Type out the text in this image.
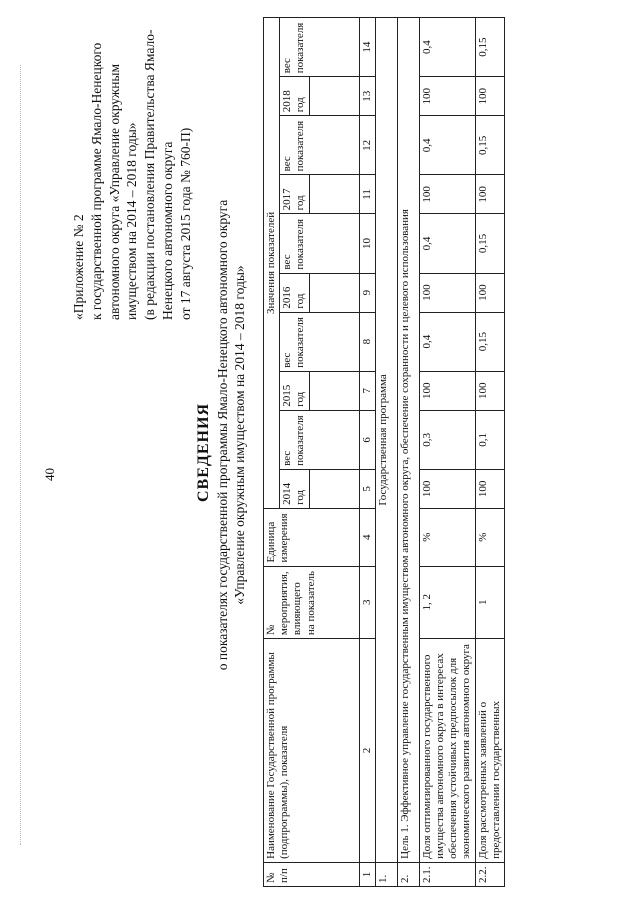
40
«Приложение № 2 к государственной программе Ямало-Ненецкого автономного округа «Управление окружным имуществом на 2014 – 2018 годы» (в редакции постановления Правительства Ямало- Ненецкого автономного округа от 17 августа 2015 года № 760-П)
СВЕДЕНИЯ о показателях государственной программы Ямало-Ненецкого автономного округа «Управление окружным имуществом на 2014 – 2018 годы»
№ п/п	Наименование Государственной программы (подпрограммы), показателя	№ мероприятия, влияющего на показатель	Единица измерения	Значения показателей									
				2014 год	вес показателя	2015 год	вес показателя	2016 год	вес показателя	2017 год	вес показателя	2018 год	вес показателя

1	2	3	4	5	6	7	8	9	10	11	12	13	14
1.	Государственная программа												
2.	Цель 1. Эффективное управление государственным имуществом автономного округа, обеспечение сохранности и целевого использования												
2.1.	Доля оптимизированного государственного имущества автономного округа в интересах обеспечения устойчивых предпосылок для экономического развития автономного округа	1, 2	%	100	0,3	100	0,4	100	0,4	100	0,4	100	0,4
2.2.	Доля рассмотренных заявлений о предоставлении государственных	1	%	100	0,1	100	0,15	100	0,15	100	0,15	100	0,15
